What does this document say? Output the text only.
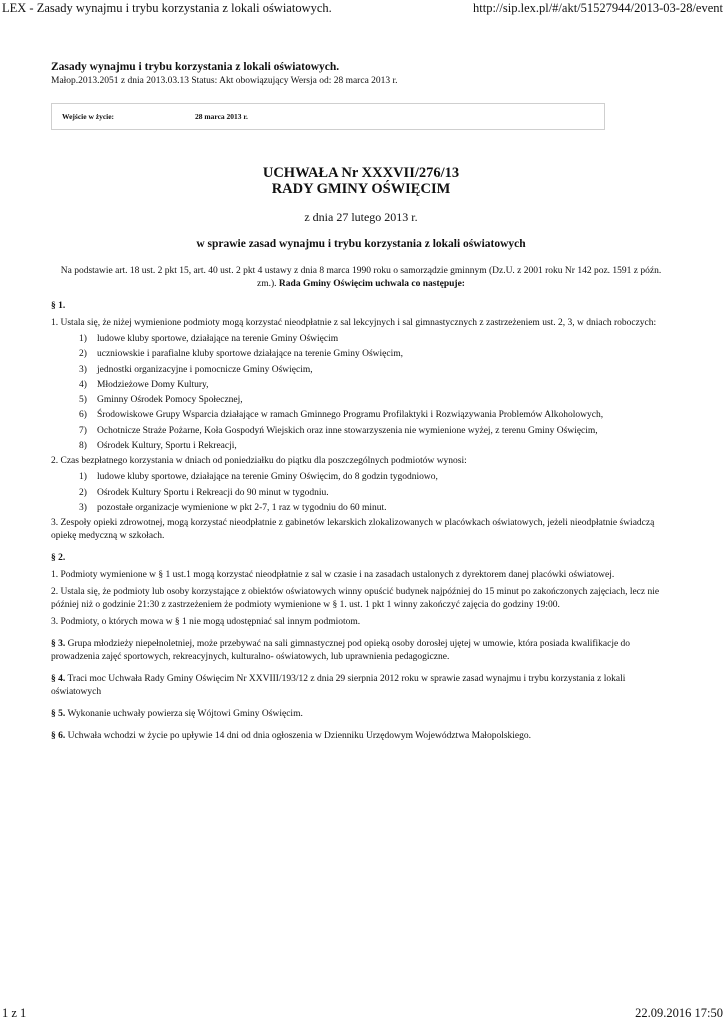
LEX - Zasady wynajmu i trybu korzystania z lokali oświatowych.	http://sip.lex.pl/#/akt/51527944/2013-03-28/event
Zasady wynajmu i trybu korzystania z lokali oświatowych.
Małop.2013.2051 z dnia 2013.03.13 Status: Akt obowiązujący Wersja od: 28 marca 2013 r.
Wejście w życie:	28 marca 2013 r.
UCHWAŁA Nr XXXVII/276/13
RADY GMINY OŚWIĘCIM
z dnia 27 lutego 2013 r.
w sprawie zasad wynajmu i trybu korzystania z lokali oświatowych
Na podstawie art. 18 ust. 2 pkt 15, art. 40 ust. 2 pkt 4 ustawy z dnia 8 marca 1990 roku o samorządzie gminnym (Dz.U. z 2001 roku Nr 142 poz. 1591 z późn. zm.). Rada Gminy Oświęcim uchwala co następuje:

§ 1.

1. Ustala się, że niżej wymienione podmioty mogą korzystać nieodpłatnie z sal lekcyjnych i sal gimnastycznych z zastrzeżeniem ust. 2, 3, w dniach roboczych:

1)	ludowe kluby sportowe, działające na terenie Gminy Oświęcim
2)	uczniowskie i parafialne kluby sportowe działające na terenie Gminy Oświęcim,
3)	jednostki organizacyjne i pomocnicze Gminy Oświęcim,
4)	Młodzieżowe Domy Kultury,
5)	Gminny Ośrodek Pomocy Społecznej,
6)	Środowiskowe Grupy Wsparcia działające w ramach Gminnego Programu Profilaktyki i Rozwiązywania Problemów Alkoholowych,
7)	Ochotnicze Straże Pożarne, Koła Gospodyń Wiejskich oraz inne stowarzyszenia nie wymienione wyżej, z terenu Gminy Oświęcim,
8)	Ośrodek Kultury, Sportu i Rekreacji,

2. Czas bezpłatnego korzystania w dniach od poniedziałku do piątku dla poszczególnych podmiotów wynosi:

1)	ludowe kluby sportowe, działające na terenie Gminy Oświęcim, do 8 godzin tygodniowo,
2)	Ośrodek Kultury Sportu i Rekreacji do 90 minut w tygodniu.
3)	pozostałe organizacje wymienione w pkt 2-7, 1 raz w tygodniu do 60 minut.

3. Zespoły opieki zdrowotnej, mogą korzystać nieodpłatnie z gabinetów lekarskich zlokalizowanych w placówkach oświatowych, jeżeli nieodpłatnie świadczą opiekę medyczną w szkołach.

§ 2.

1. Podmioty wymienione w § 1 ust.1 mogą korzystać nieodpłatnie z sal w czasie i na zasadach ustalonych z dyrektorem danej placówki oświatowej.

2. Ustala się, że podmioty lub osoby korzystające z obiektów oświatowych winny opuścić budynek najpóźniej do 15 minut po zakończonych zajęciach, lecz nie później niż o godzinie 21:30 z zastrzeżeniem że podmioty wymienione w § 1. ust. 1 pkt 1 winny zakończyć zajęcia do godziny 19:00.

3. Podmioty, o których mowa w § 1 nie mogą udostępniać sal innym podmiotom.

§ 3. Grupa młodzieży niepełnoletniej, może przebywać na sali gimnastycznej pod opieką osoby dorosłej ujętej w umowie, która posiada kwalifikacje do prowadzenia zajęć sportowych, rekreacyjnych, kulturalno- oświatowych, lub uprawnienia pedagogiczne.

§ 4. Traci moc Uchwała Rady Gminy Oświęcim Nr XXVIII/193/12 z dnia 29 sierpnia 2012 roku w sprawie zasad wynajmu i trybu korzystania z lokali oświatowych

§ 5. Wykonanie uchwały powierza się Wójtowi Gminy Oświęcim.

§ 6. Uchwała wchodzi w życie po upływie 14 dni od dnia ogłoszenia w Dzienniku Urzędowym Województwa Małopolskiego.

1 z 1	22.09.2016 17:50
